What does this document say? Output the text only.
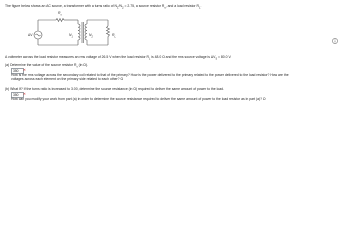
The figure below shows an AC source, a transformer with a turns ratio of $N_1/N_2 = 2.75$, a source resistor $R_s$, and a load resistor $R_L$.
$R_s$
ΔV	$N_1$
$N_2$
$R_L$
A voltmeter across the load resistor measures an rms voltage of 26.5 V when the load resistor $R_L$ is 48.0 Ω and the rms source voltage is $\Delta V_S = 80.0$ V.
(a) Determine the value of the source resistor $R_s$ (in Ω).
350	✕
How is the rms voltage across the secondary coil related to that of the primary? How is the power delivered to the primary related to the power delivered to the load resistor? How are the
voltages across each element on the primary side related to each other? Ω
(b) What If? If the turns ratio is increased to 3.00, determine the source resistance (in Ω) required to deliver the same amount of power to the load.
350	✕
How can you modify your work from part (a) in order to determine the source resistance required to deliver the same amount of power to the load resistor as in part (a)? Ω
